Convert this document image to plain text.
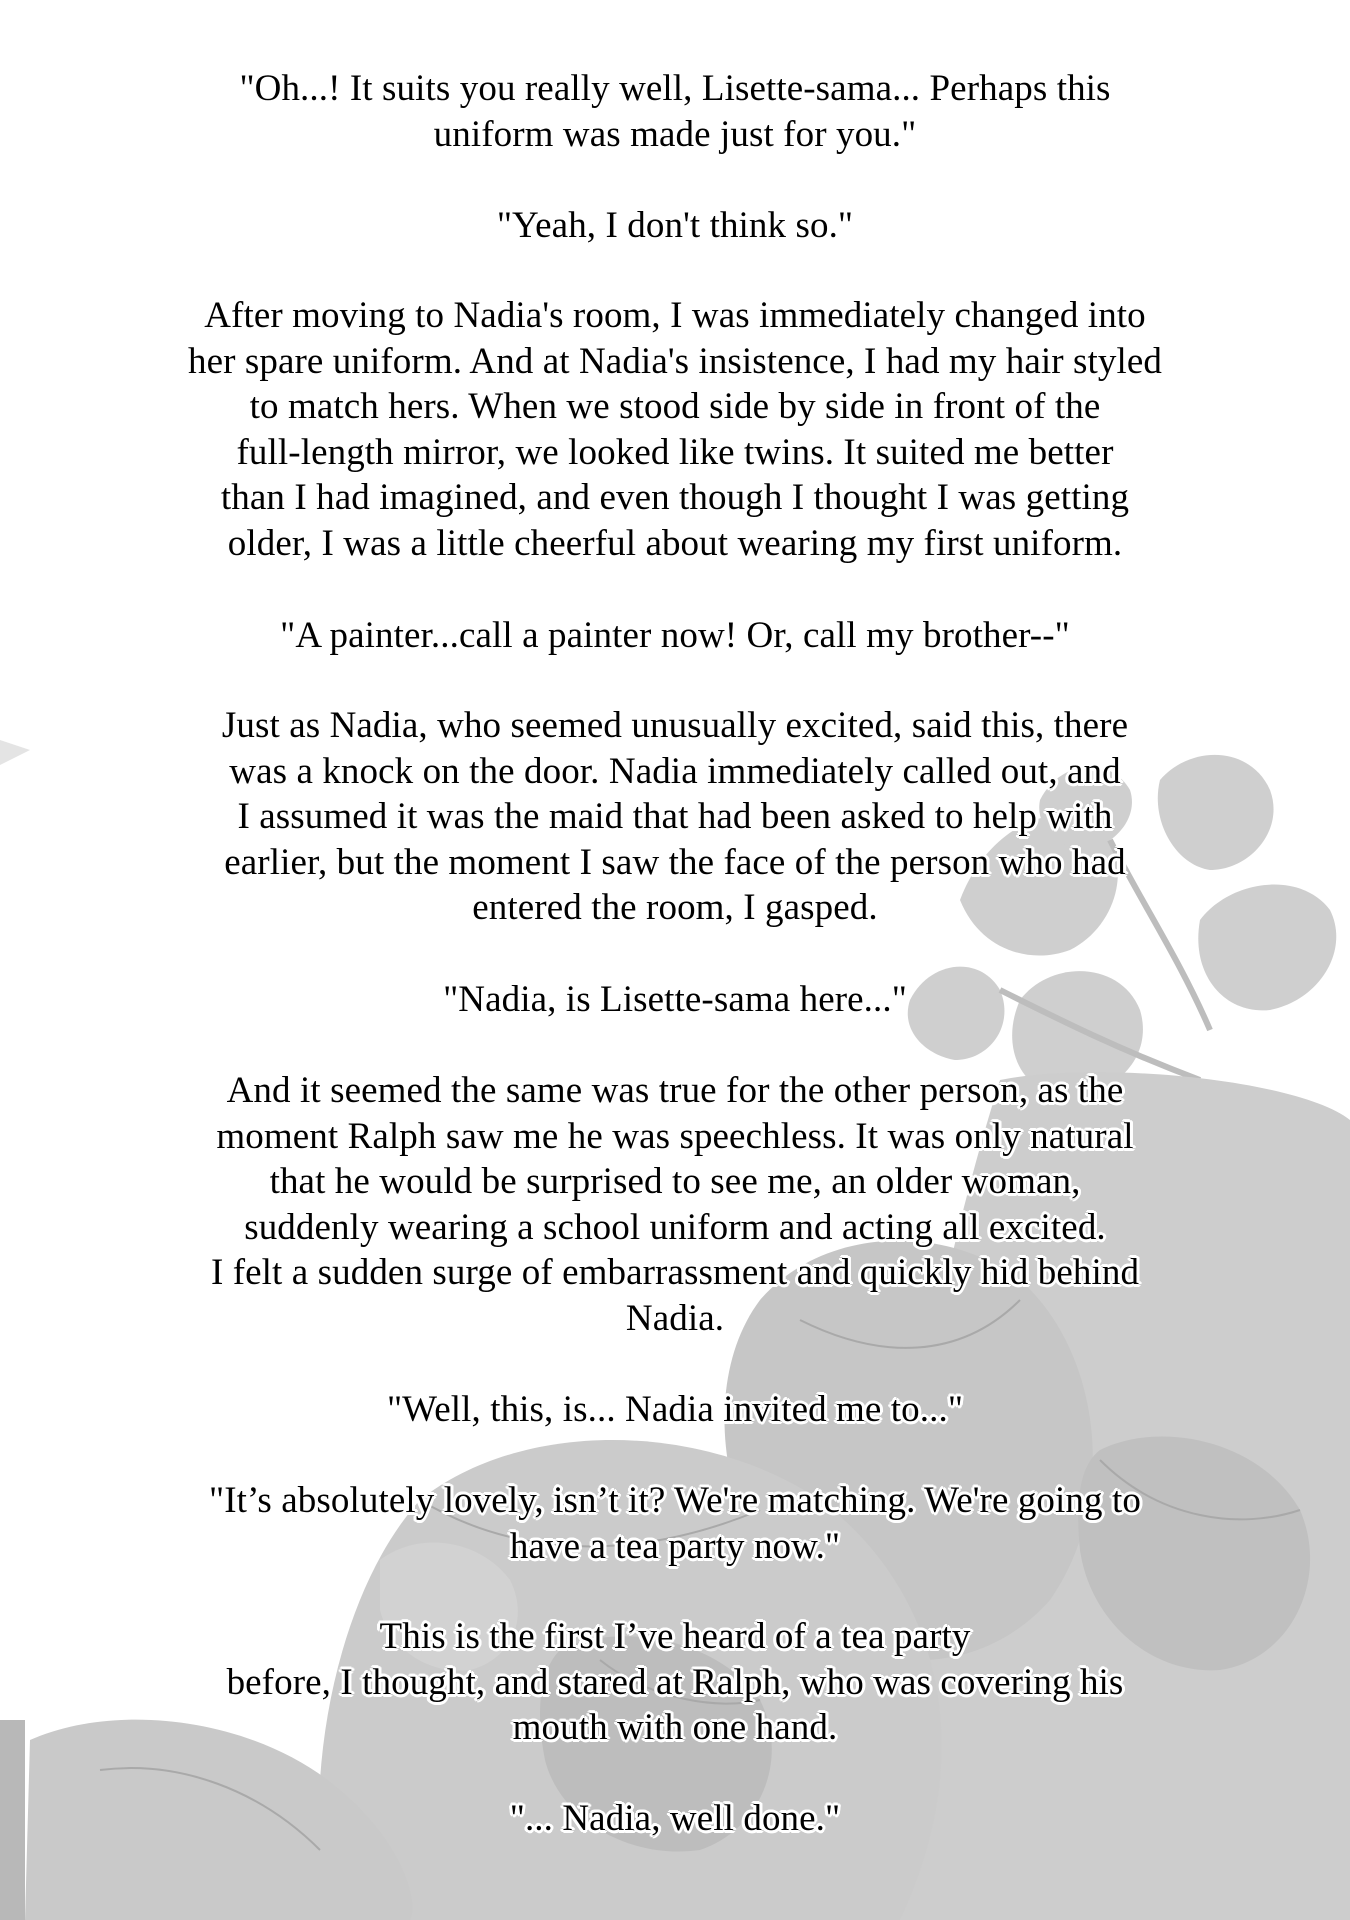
"Oh...! It suits you really well, Lisette-sama... Perhaps this
uniform was made just for you."
"Yeah, I don't think so."
After moving to Nadia's room, I was immediately changed into
her spare uniform. And at Nadia's insistence, I had my hair styled
to match hers. When we stood side by side in front of the
full-length mirror, we looked like twins. It suited me better
than I had imagined, and even though I thought I was getting
older, I was a little cheerful about wearing my first uniform.
"A painter...call a painter now! Or, call my brother--"
Just as Nadia, who seemed unusually excited, said this, there
was a knock on the door. Nadia immediately called out, and
I assumed it was the maid that had been asked to help with
earlier, but the moment I saw the face of the person who had
entered the room, I gasped.
"Nadia, is Lisette-sama here..."
And it seemed the same was true for the other person, as the
moment Ralph saw me he was speechless. It was only natural
that he would be surprised to see me, an older woman,
suddenly wearing a school uniform and acting all excited.
I felt a sudden surge of embarrassment and quickly hid behind
Nadia.
"Well, this, is... Nadia invited me to..."
"It’s absolutely lovely, isn’t it? We're matching. We're going to
have a tea party now."
This is the first I’ve heard of a tea party
before, I thought, and stared at Ralph, who was covering his
mouth with one hand.
"... Nadia, well done."
